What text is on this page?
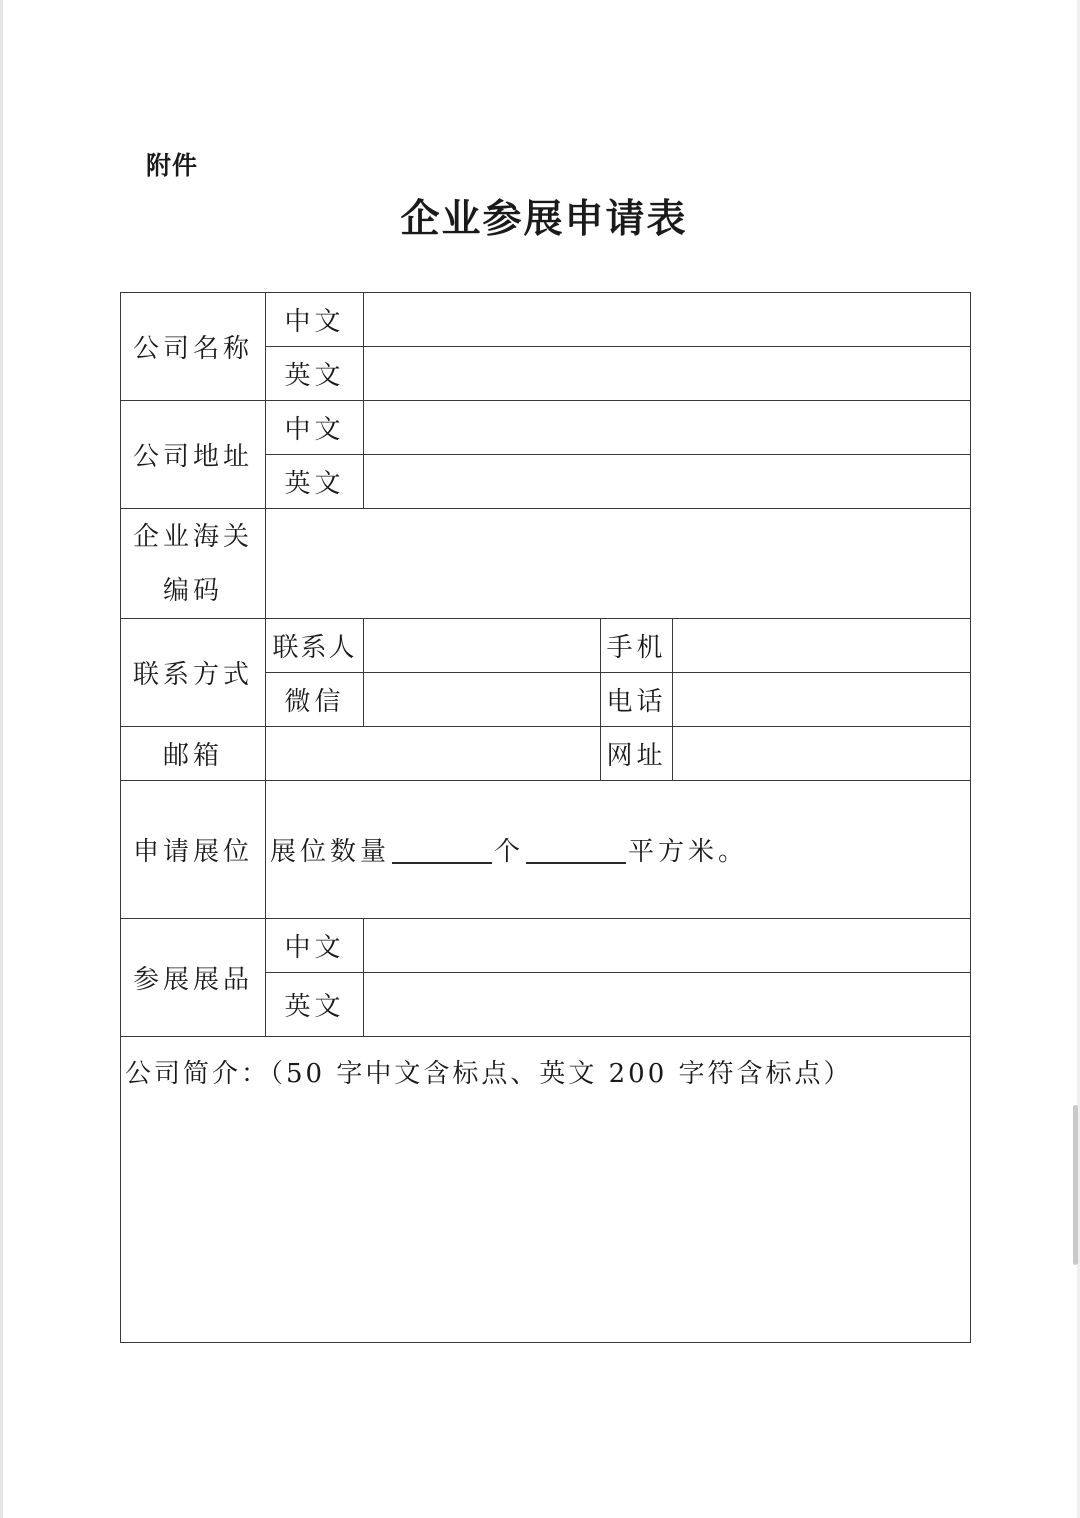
附件
企业参展申请表
公司名称	中文			
	英文			
公司地址	中文			
	英文			

企业海关
编码				

联系方式	联系人		手机	
	微信		电话	
邮箱			网址	
申请展位	展位数量 个 平方米。			
参展展品	中文			
	英文			
公司简介：（50 字中文含标点、英文 200 字符含标点）				
